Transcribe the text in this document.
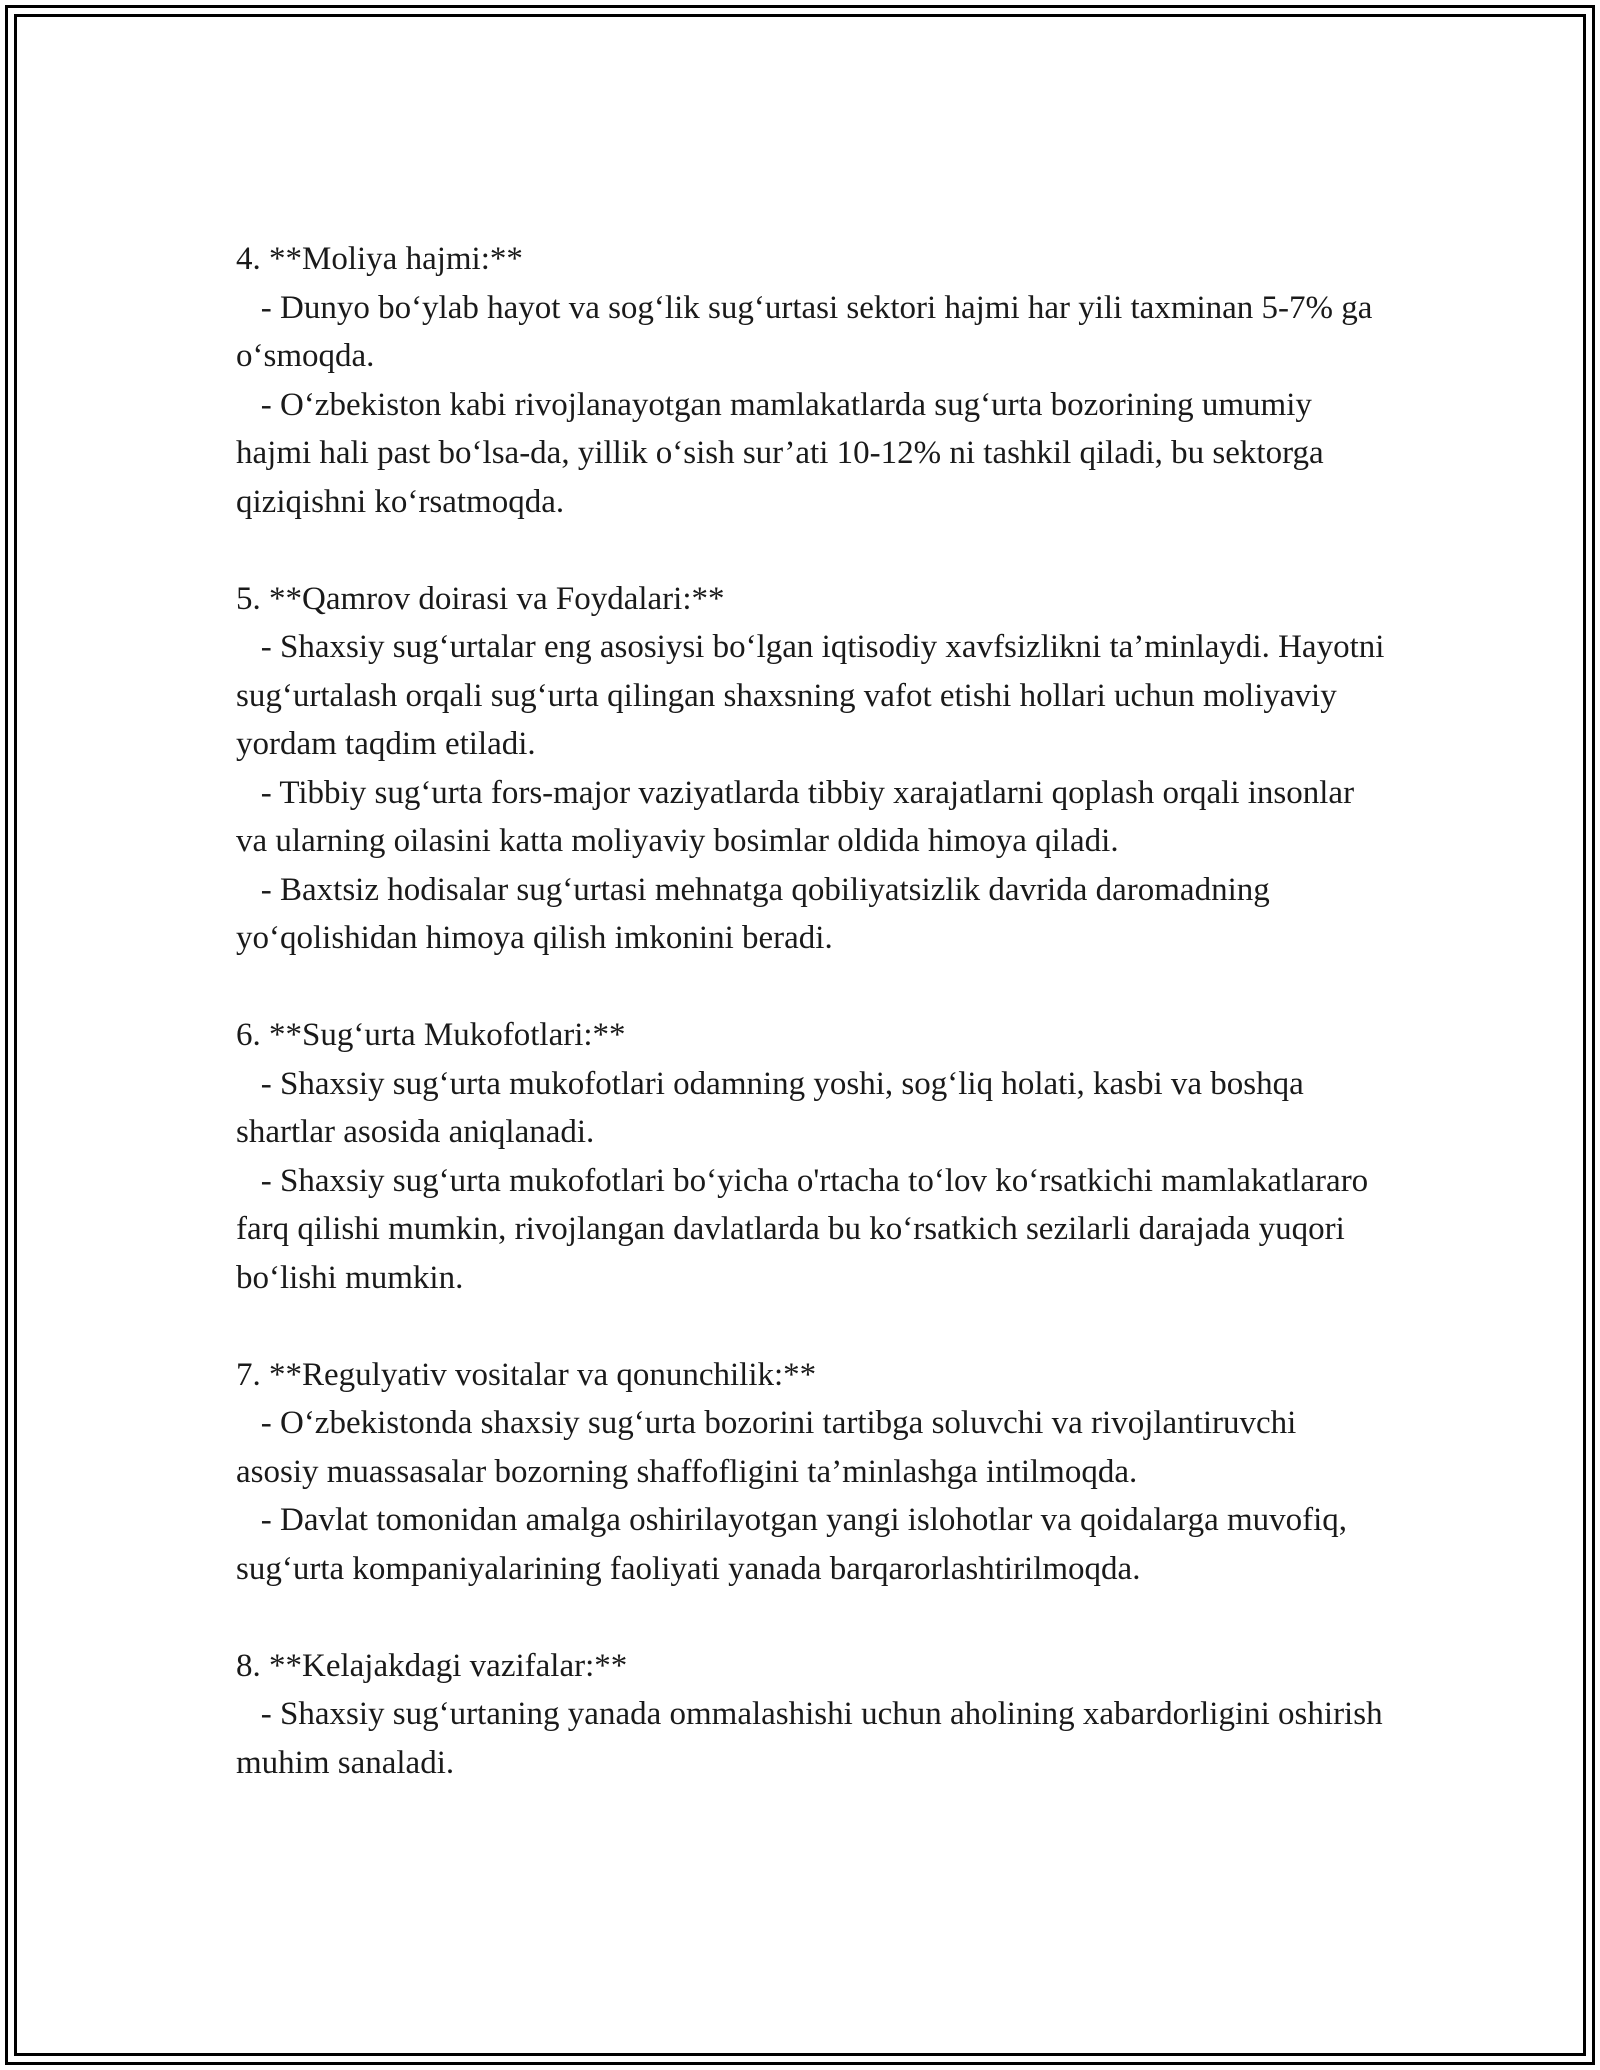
4. **Moliya hajmi:**
- Dunyo bo‘ylab hayot va sog‘lik sug‘urtasi sektori hajmi har yili taxminan 5-7% ga o‘smoqda.
- O‘zbekiston kabi rivojlanayotgan mamlakatlarda sug‘urta bozorining umumiy hajmi hali past bo‘lsa-da, yillik o‘sish sur’ati 10-12% ni tashkil qiladi, bu sektorga qiziqishni ko‘rsatmoqda.
5. **Qamrov doirasi va Foydalari:**
- Shaxsiy sug‘urtalar eng asosiysi bo‘lgan iqtisodiy xavfsizlikni ta’minlaydi. Hayotni sug‘urtalash orqali sug‘urta qilingan shaxsning vafot etishi hollari uchun moliyaviy yordam taqdim etiladi.
- Tibbiy sug‘urta fors-major vaziyatlarda tibbiy xarajatlarni qoplash orqali insonlar va ularning oilasini katta moliyaviy bosimlar oldida himoya qiladi.
- Baxtsiz hodisalar sug‘urtasi mehnatga qobiliyatsizlik davrida daromadning yo‘qolishidan himoya qilish imkonini beradi.
6. **Sug‘urta Mukofotlari:**
- Shaxsiy sug‘urta mukofotlari odamning yoshi, sog‘liq holati, kasbi va boshqa shartlar asosida aniqlanadi.
- Shaxsiy sug‘urta mukofotlari bo‘yicha o'rtacha to‘lov ko‘rsatkichi mamlakatlararo farq qilishi mumkin, rivojlangan davlatlarda bu ko‘rsatkich sezilarli darajada yuqori bo‘lishi mumkin.
7. **Regulyativ vositalar va qonunchilik:**
- O‘zbekistonda shaxsiy sug‘urta bozorini tartibga soluvchi va rivojlantiruvchi asosiy muassasalar bozorning shaffofligini ta’minlashga intilmoqda.
- Davlat tomonidan amalga oshirilayotgan yangi islohotlar va qoidalarga muvofiq, sug‘urta kompaniyalarining faoliyati yanada barqarorlashtirilmoqda.
8. **Kelajakdagi vazifalar:**
- Shaxsiy sug‘urtaning yanada ommalashishi uchun aholining xabardorligini oshirish muhim sanaladi.
